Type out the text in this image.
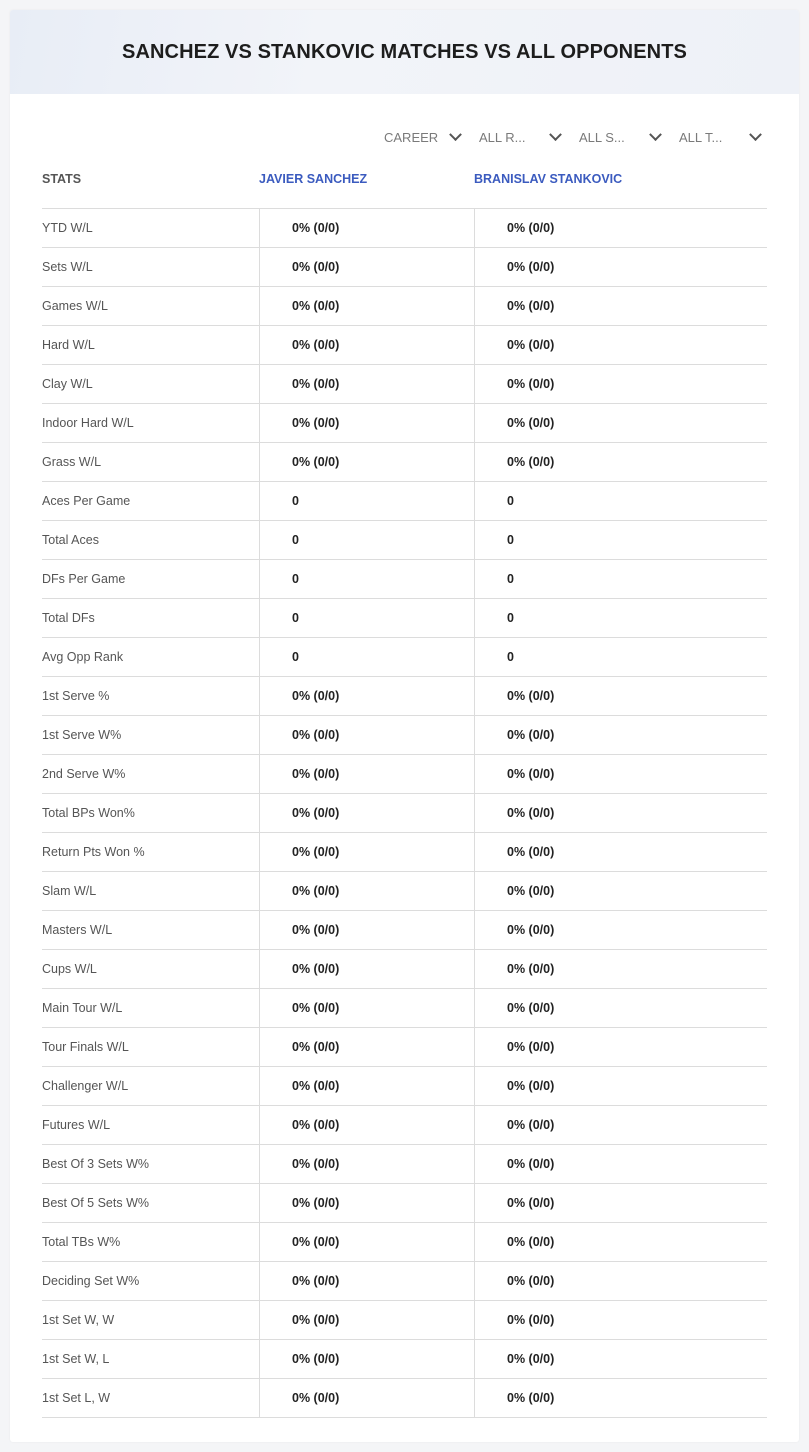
SANCHEZ VS STANKOVIC MATCHES VS ALL OPPONENTS
CAREER	ALL R...	ALL S...	ALL T...
STATS	JAVIER SANCHEZ	BRANISLAV STANKOVIC
YTD W/L	0% (0/0)	0% (0/0)
Sets W/L	0% (0/0)	0% (0/0)
Games W/L	0% (0/0)	0% (0/0)
Hard W/L	0% (0/0)	0% (0/0)
Clay W/L	0% (0/0)	0% (0/0)
Indoor Hard W/L	0% (0/0)	0% (0/0)
Grass W/L	0% (0/0)	0% (0/0)
Aces Per Game	0	0
Total Aces	0	0
DFs Per Game	0	0
Total DFs	0	0
Avg Opp Rank	0	0
1st Serve %	0% (0/0)	0% (0/0)
1st Serve W%	0% (0/0)	0% (0/0)
2nd Serve W%	0% (0/0)	0% (0/0)
Total BPs Won%	0% (0/0)	0% (0/0)
Return Pts Won %	0% (0/0)	0% (0/0)
Slam W/L	0% (0/0)	0% (0/0)
Masters W/L	0% (0/0)	0% (0/0)
Cups W/L	0% (0/0)	0% (0/0)
Main Tour W/L	0% (0/0)	0% (0/0)
Tour Finals W/L	0% (0/0)	0% (0/0)
Challenger W/L	0% (0/0)	0% (0/0)
Futures W/L	0% (0/0)	0% (0/0)
Best Of 3 Sets W%	0% (0/0)	0% (0/0)
Best Of 5 Sets W%	0% (0/0)	0% (0/0)
Total TBs W%	0% (0/0)	0% (0/0)
Deciding Set W%	0% (0/0)	0% (0/0)
1st Set W, W	0% (0/0)	0% (0/0)
1st Set W, L	0% (0/0)	0% (0/0)
1st Set L, W	0% (0/0)	0% (0/0)
